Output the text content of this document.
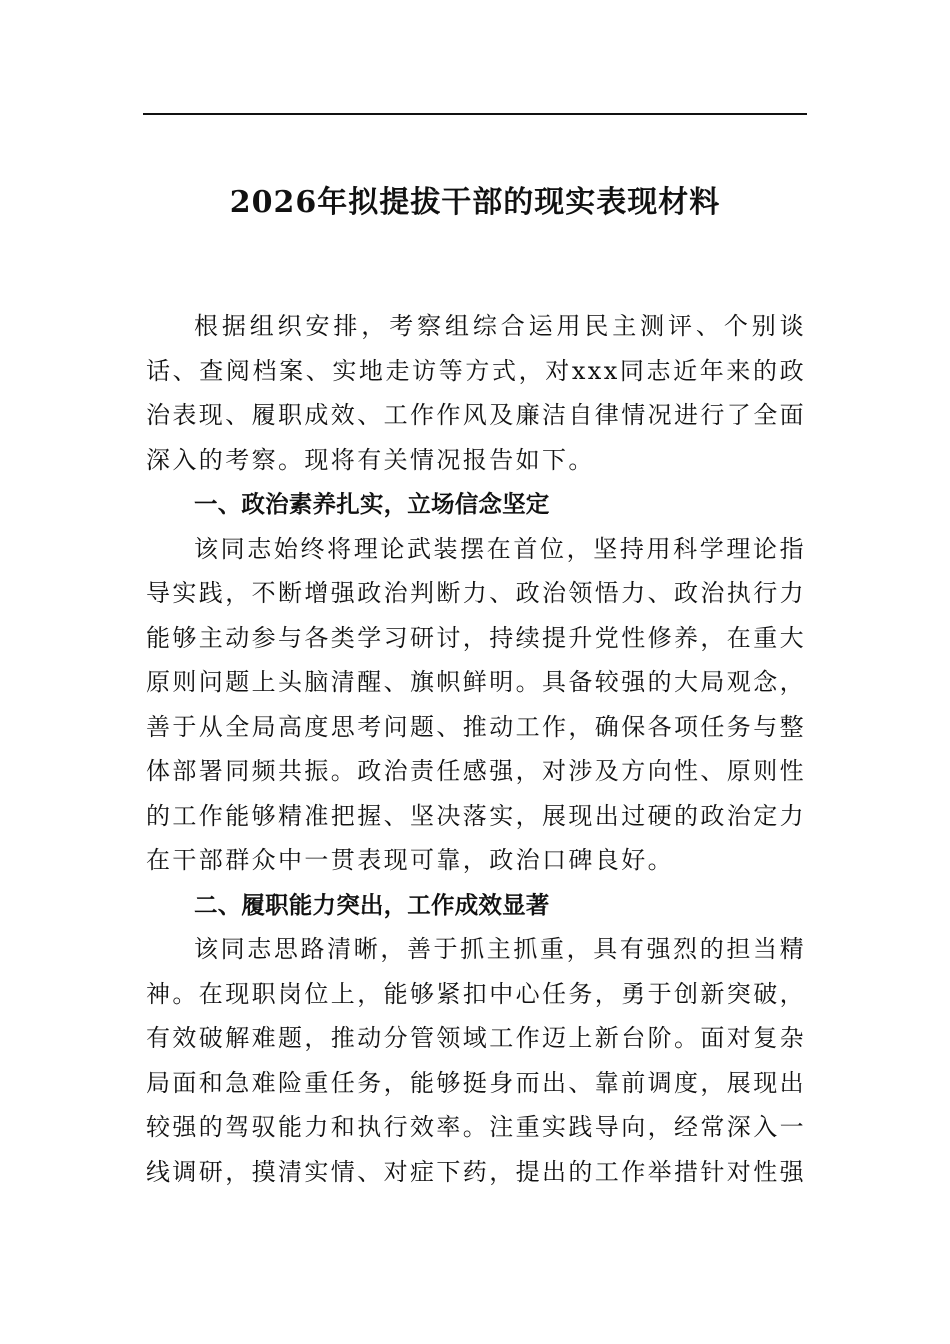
2026年拟提拔干部的现实表现材料

根据组织安排，考察组综合运用民主测评、个别谈话、查阅档案、实地走访等方式，对xxx同志近年来的政治表现、履职成效、工作作风及廉洁自律情况进行了全面深入的考察。现将有关情况报告如下。

一、政治素养扎实，立场信念坚定

该同志始终将理论武装摆在首位，坚持用科学理论指导实践，不断增强政治判断力、政治领悟力、政治执行力能够主动参与各类学习研讨，持续提升党性修养，在重大原则问题上头脑清醒、旗帜鲜明。具备较强的大局观念，善于从全局高度思考问题、推动工作，确保各项任务与整体部署同频共振。政治责任感强，对涉及方向性、原则性的工作能够精准把握、坚决落实，展现出过硬的政治定力在干部群众中一贯表现可靠，政治口碑良好。

二、履职能力突出，工作成效显著

该同志思路清晰，善于抓主抓重，具有强烈的担当精神。在现职岗位上，能够紧扣中心任务，勇于创新突破，有效破解难题，推动分管领域工作迈上新台阶。面对复杂局面和急难险重任务，能够挺身而出、靠前调度，展现出较强的驾驭能力和执行效率。注重实践导向，经常深入一线调研，摸清实情、对症下药，提出的工作举措针对性强
